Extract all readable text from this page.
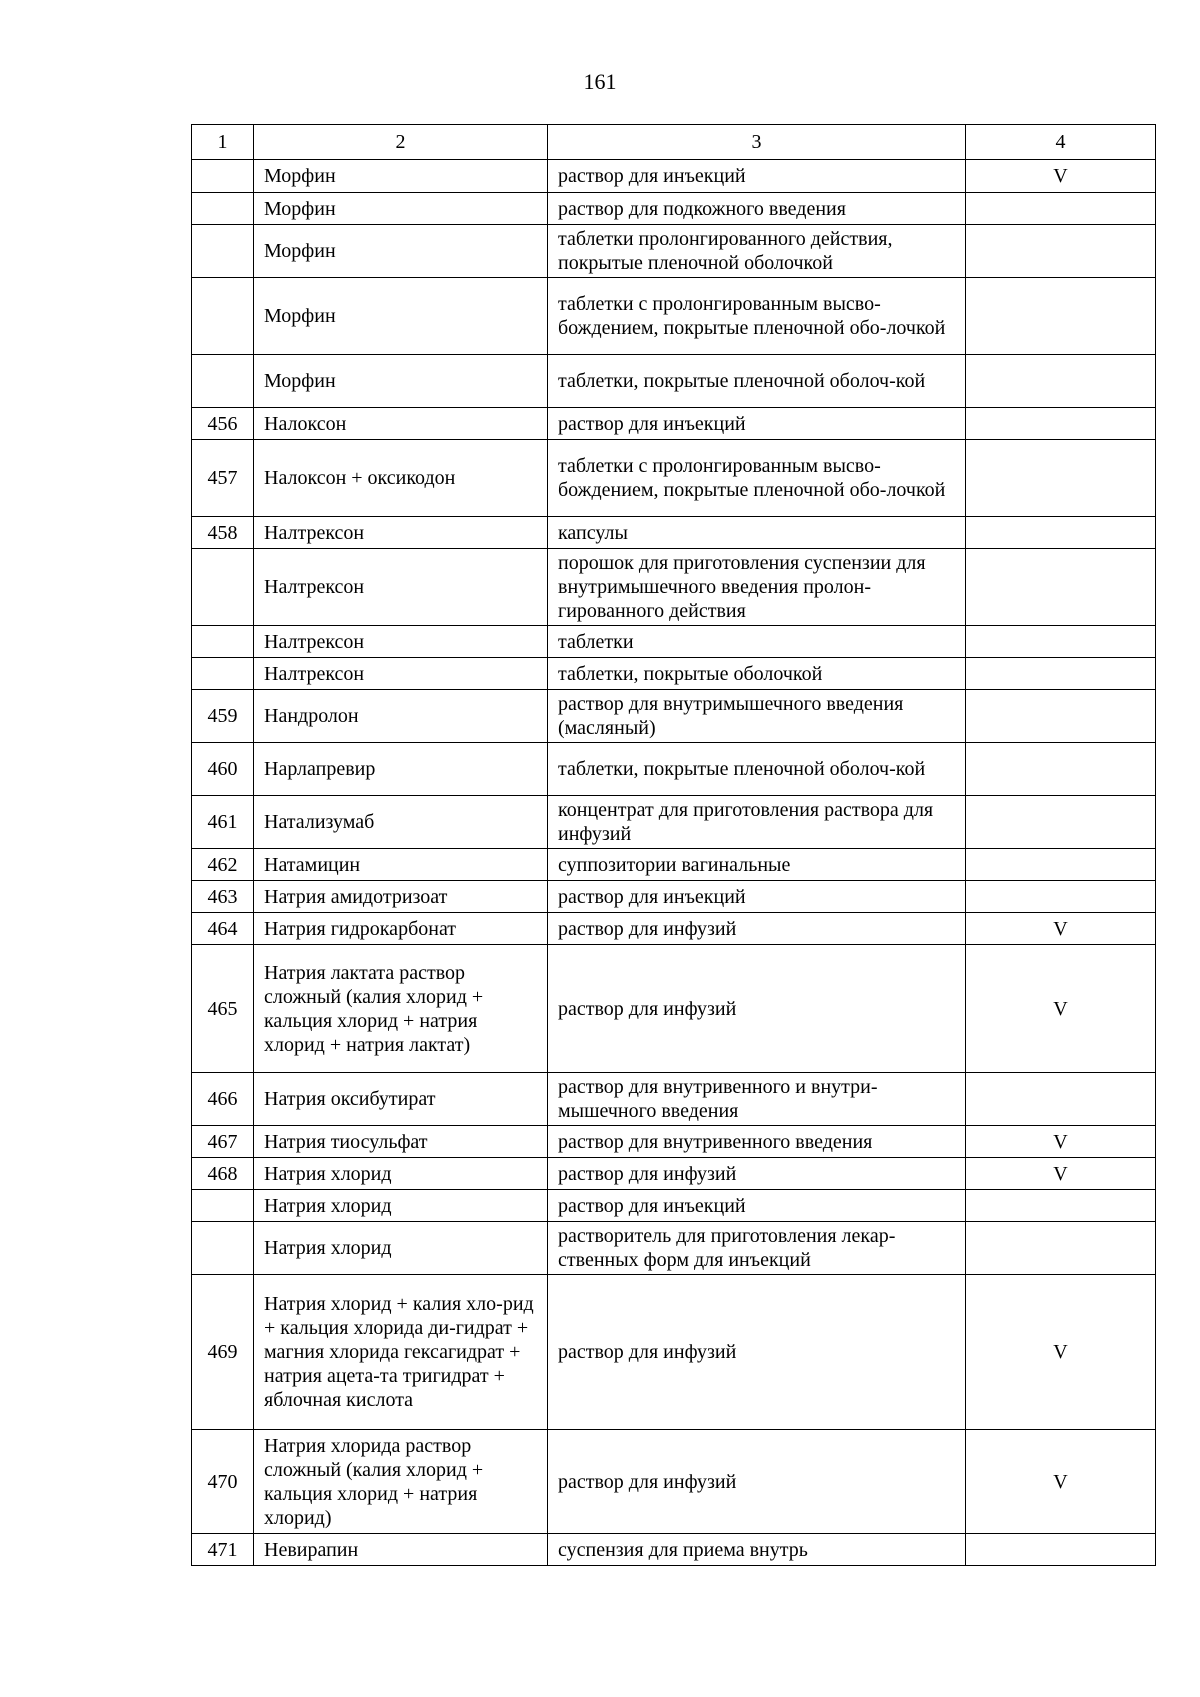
161
1	2	3	4
	Морфин	раствор для инъекций	V
	Морфин	раствор для подкожного введения	
	Морфин	таблетки пролонгированного действия, покрытые пленочной оболочкой	
	Морфин	таблетки с пролонгированным высво-бождением, покрытые пленочной обо-лочкой	
	Морфин	таблетки, покрытые пленочной оболоч-кой	
456	Налоксон	раствор для инъекций	
457	Налоксон + оксикодон	таблетки с пролонгированным высво-бождением, покрытые пленочной обо-лочкой	
458	Налтрексон	капсулы	
	Налтрексон	порошок для приготовления суспензии для внутримышечного введения пролон-гированного действия	
	Налтрексон	таблетки	
	Налтрексон	таблетки, покрытые оболочкой	
459	Нандролон	раствор для внутримышечного введения (масляный)	
460	Нарлапревир	таблетки, покрытые пленочной оболоч-кой	
461	Натализумаб	концентрат для приготовления раствора для инфузий	
462	Натамицин	суппозитории вагинальные	
463	Натрия амидотризоат	раствор для инъекций	
464	Натрия гидрокарбонат	раствор для инфузий	V
465	Натрия лактата раствор сложный (калия хлорид + кальция хлорид + натрия хлорид + натрия лактат)	раствор для инфузий	V
466	Натрия оксибутират	раствор для внутривенного и внутри-мышечного введения	
467	Натрия тиосульфат	раствор для внутривенного введения	V
468	Натрия хлорид	раствор для инфузий	V
	Натрия хлорид	раствор для инъекций	
	Натрия хлорид	растворитель для приготовления лекар-ственных форм для инъекций	
469	Натрия хлорид + калия хло-рид + кальция хлорида ди-гидрат + магния хлорида гексагидрат + натрия ацета-та тригидрат + яблочная кислота	раствор для инфузий	V
470	Натрия хлорида раствор сложный (калия хлорид + кальция хлорид + натрия хлорид)	раствор для инфузий	V
471	Невирапин	суспензия для приема внутрь	
